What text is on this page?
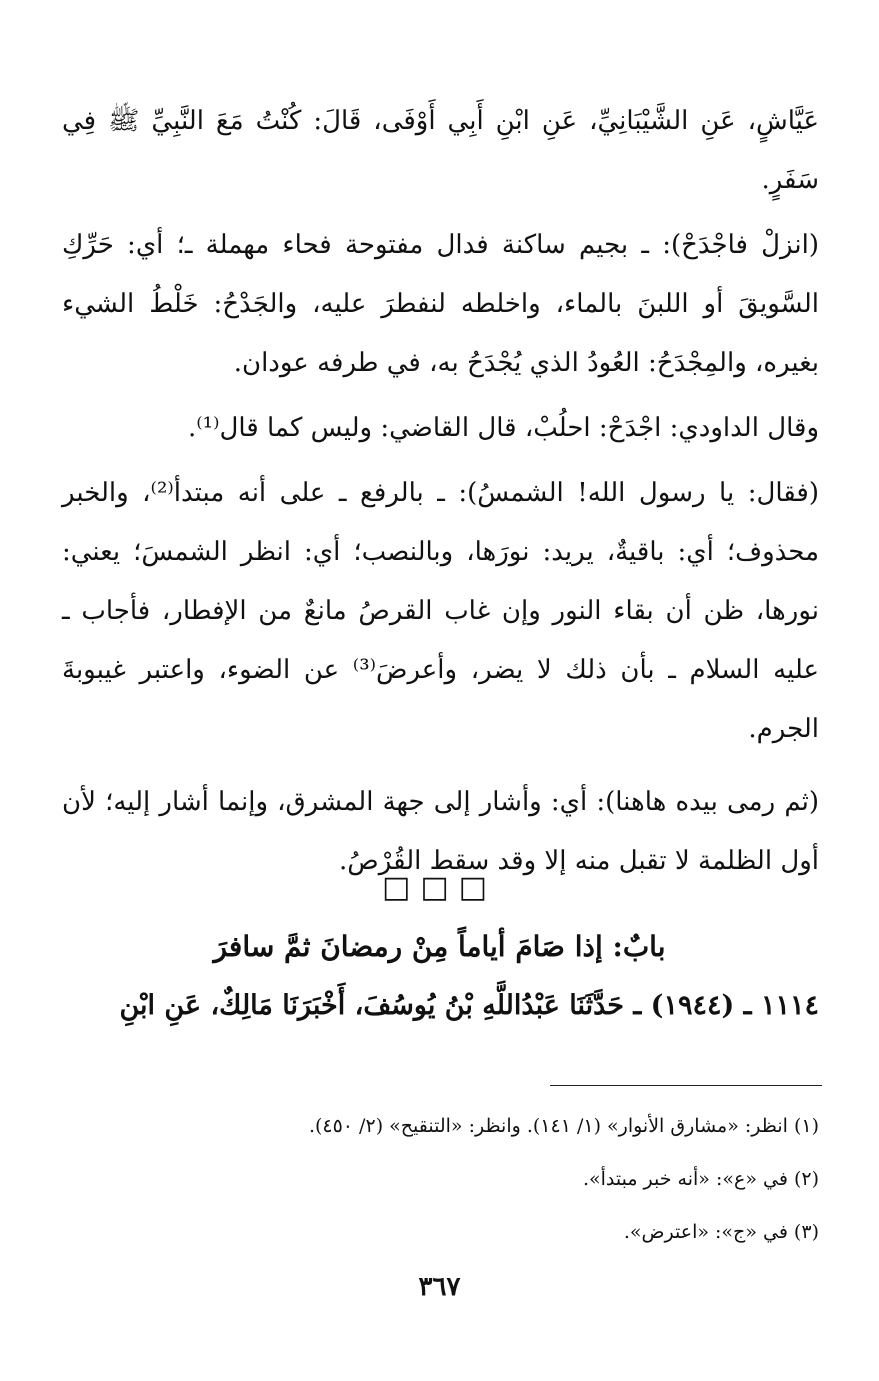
عَيَّاشٍ، عَنِ الشَّيْبَانِيِّ، عَنِ ابْنِ أَبِي أَوْفَى، قَالَ: كُنْتُ مَعَ النَّبِيِّ ﷺ فِي سَفَرٍ.

(انزلْ فاجْدَحْ): ـ بجيم ساكنة فدال مفتوحة فحاء مهملة ـ؛ أي: حَرِّكِ السَّويقَ أو اللبنَ بالماء، واخلطه لنفطرَ عليه، والجَدْحُ: خَلْطُ الشيء بغيره، والمِجْدَحُ: العُودُ الذي يُجْدَحُ به، في طرفه عودان.

وقال الداودي: اجْدَحْ: احلُبْ، قال القاضي: وليس كما قال⁽¹⁾.

(فقال: يا رسول الله! الشمسُ): ـ بالرفع ـ على أنه مبتدأ⁽²⁾، والخبر محذوف؛ أي: باقيةٌ، يريد: نورَها، وبالنصب؛ أي: انظر الشمسَ؛ يعني: نورها، ظن أن بقاء النور وإن غاب القرصُ مانعٌ من الإفطار، فأجاب ـ عليه السلام ـ بأن ذلك لا يضر، وأعرضَ⁽³⁾ عن الضوء، واعتبر غيبوبةَ الجرم.

(ثم رمى بيده هاهنا): أي: وأشار إلى جهة المشرق، وإنما أشار إليه؛ لأن أول الظلمة لا تقبل منه إلا وقد سقط القُرْصُ.

□□□
بابٌ: إذا صَامَ أياماً مِنْ رمضانَ ثمَّ سافرَ
١١١٤ ـ (١٩٤٤) ـ حَدَّثَنَا عَبْدُاللَّهِ بْنُ يُوسُفَ، أَخْبَرَنَا مَالِكٌ، عَنِ ابْنِ

(١) انظر: «مشارق الأنوار» (١/ ١٤١). وانظر: «التنقيح» (٢/ ٤٥٠).

(٢) في «ع»: «أنه خبر مبتدأ».

(٣) في «ج»: «اعترض».

٣٦٧
